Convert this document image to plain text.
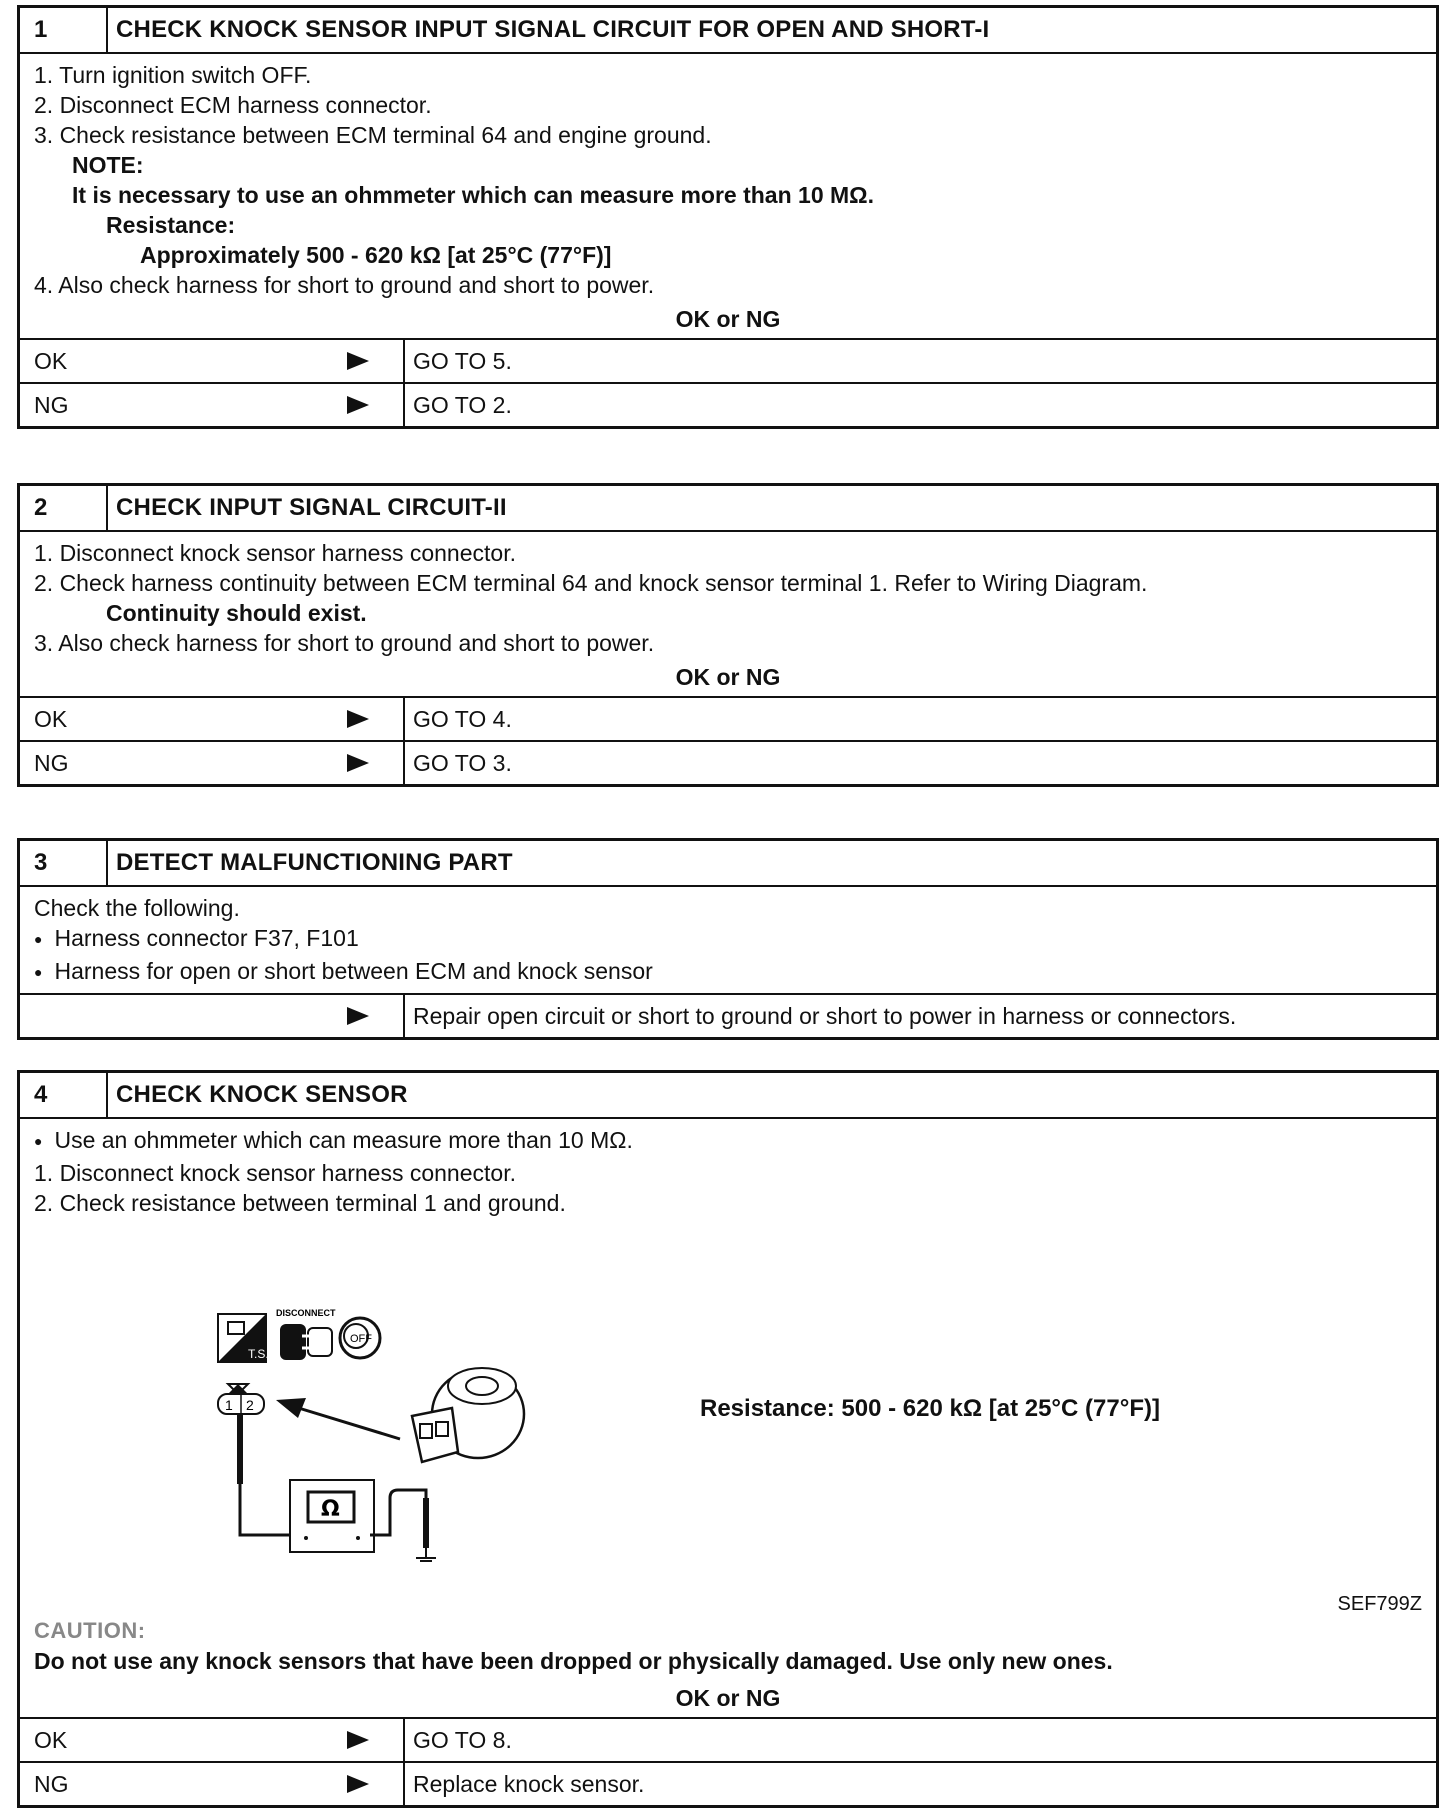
1	CHECK KNOCK SENSOR INPUT SIGNAL CIRCUIT FOR OPEN AND SHORT-I
1. Turn ignition switch OFF.
2. Disconnect ECM harness connector.
3. Check resistance between ECM terminal 64 and engine ground.
NOTE:
It is necessary to use an ohmmeter which can measure more than 10 MΩ.
Resistance:
Approximately 500 - 620 kΩ [at 25°C (77°F)]
4. Also check harness for short to ground and short to power.
OK or NG
OK	GO TO 5.
NG	GO TO 2.
2	CHECK INPUT SIGNAL CIRCUIT-II
1. Disconnect knock sensor harness connector.
2. Check harness continuity between ECM terminal 64 and knock sensor terminal 1. Refer to Wiring Diagram.
Continuity should exist.
3. Also check harness for short to ground and short to power.
OK or NG
OK	GO TO 4.
NG	GO TO 3.
3	DETECT MALFUNCTIONING PART
Check the following.
● Harness connector F37, F101
● Harness for open or short between ECM and knock sensor
Repair open circuit or short to ground or short to power in harness or connectors.
4	CHECK KNOCK SENSOR
● Use an ohmmeter which can measure more than 10 MΩ.
1. Disconnect knock sensor harness connector.
2. Check resistance between terminal 1 and ground.
T.S.
DISCONNECT
OFF
1 2
Ω
Resistance: 500 - 620 kΩ [at 25°C (77°F)]
SEF799Z
CAUTION:
Do not use any knock sensors that have been dropped or physically damaged. Use only new ones.
OK or NG
OK	GO TO 8.
NG	Replace knock sensor.
